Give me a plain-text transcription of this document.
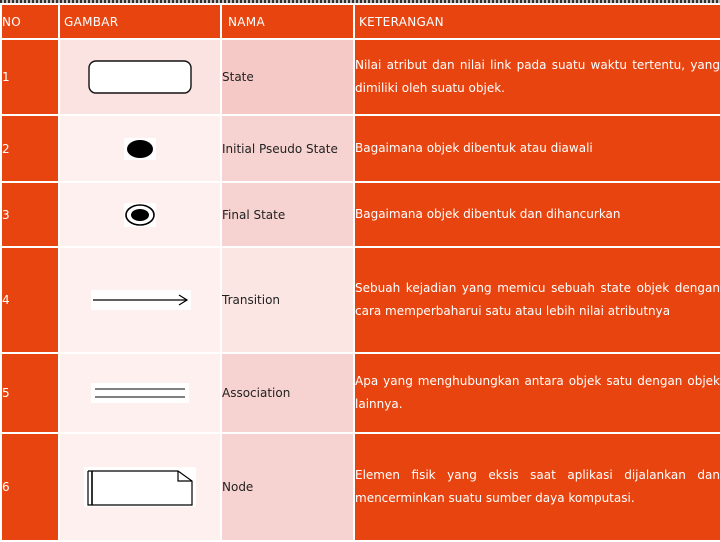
NO	GAMBAR	NAMA	KETERANGAN
1		State	Nilai atribut dan nilai link pada suatu waktu tertentu, yang dimiliki oleh suatu objek.
2		Initial Pseudo State	Bagaimana objek dibentuk atau diawali
3		Final State	Bagaimana objek dibentuk dan dihancurkan
4		Transition	Sebuah kejadian yang memicu sebuah state objek dengan cara memperbaharui satu atau lebih nilai atributnya
5		Association	Apa yang menghubungkan antara objek satu dengan objek lainnya.
6		Node	Elemen fisik yang eksis saat aplikasi dijalankan dan mencerminkan suatu sumber daya komputasi.
